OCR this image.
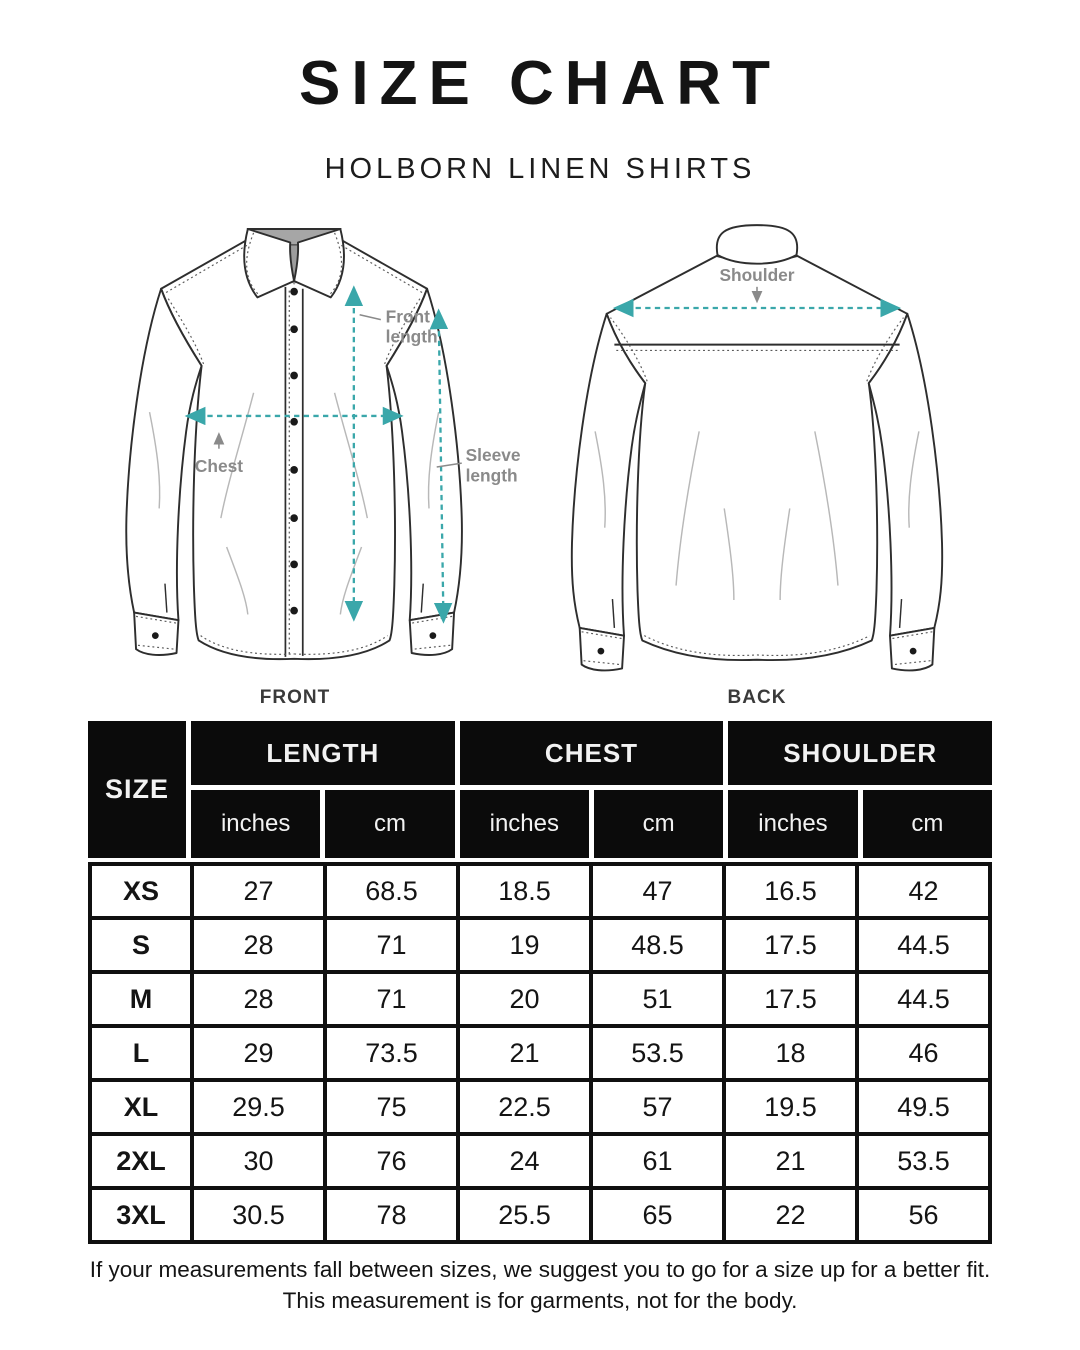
SIZE CHART
HOLBORN LINEN SHIRTS
Chest
Front
length
Sleeve
length
FRONT
Shoulder
BACK
SIZE
LENGTH	CHEST	SHOULDER
inches	cm	inches	cm	inches	cm
XS	27	68.5	18.5	47	16.5	42
S	28	71	19	48.5	17.5	44.5
M	28	71	20	51	17.5	44.5
L	29	73.5	21	53.5	18	46
XL	29.5	75	22.5	57	19.5	49.5
2XL	30	76	24	61	21	53.5
3XL	30.5	78	25.5	65	22	56

If your measurements fall between sizes, we suggest you to go for a size up for a better fit.
This measurement is for garments, not for the body.
